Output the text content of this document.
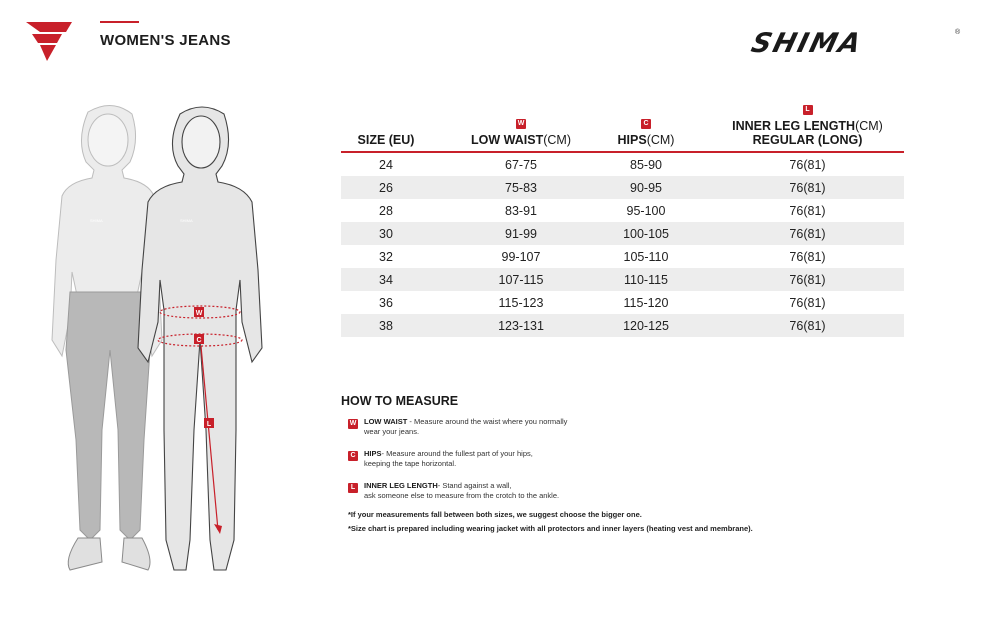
WOMEN'S JEANS	SHIMA	®
SHIMA	SHIMA
W
C
L
SIZE (EU)
W
LOW WAIST(CM)
C
HIPS(CM)
L
INNER LEG LENGTH(CM)
REGULAR (LONG)
24	67-75	85-90	76(81)
26	75-83	90-95	76(81)
28	83-91	95-100	76(81)
30	91-99	100-105	76(81)
32	99-107	105-110	76(81)
34	107-115	110-115	76(81)
36	115-123	115-120	76(81)
38	123-131	120-125	76(81)
HOW TO MEASURE
W LOW WAIST - Measure around the waist where you normally
wear your jeans.
C	HIPS- Measure around the fullest part of your hips,
keeping the tape horizontal.
L	INNER LEG LENGTH- Stand against a wall,
ask someone else to measure from the crotch to the ankle.
*If your measurements fall between both sizes, we suggest choose the bigger one.
*Size chart is prepared including wearing jacket with all protectors and inner layers (heating vest and membrane).
